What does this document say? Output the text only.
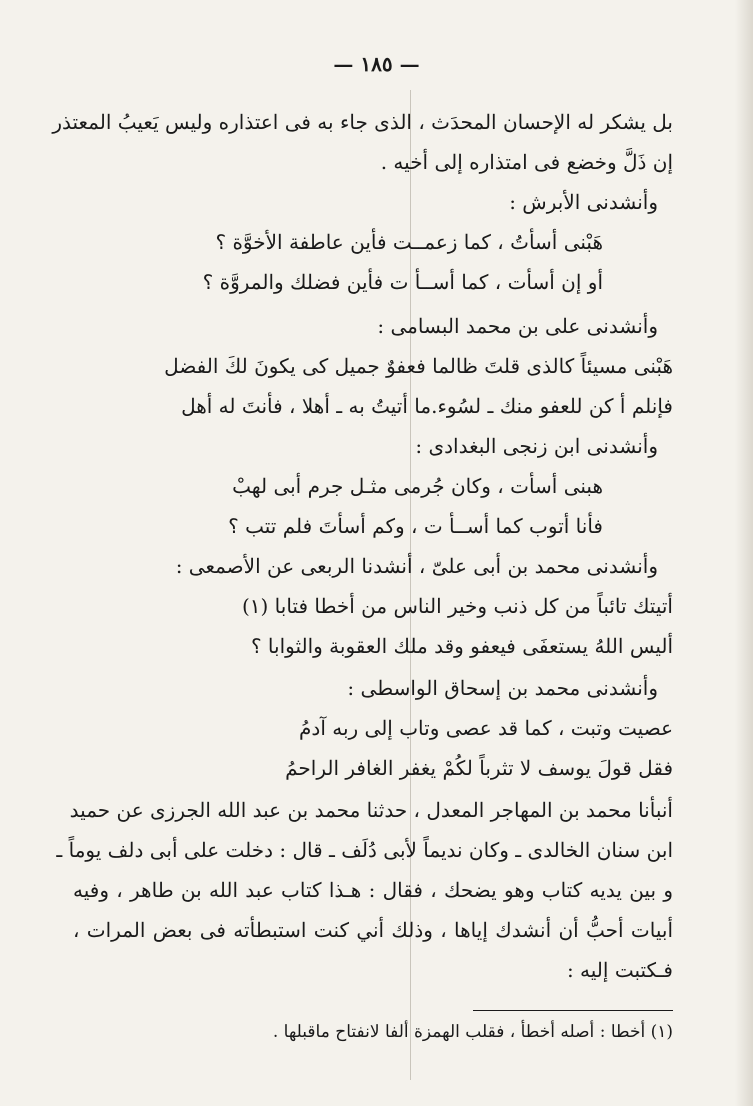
— ١٨٥ —
بل يشكر له الإحسان المحدَث ، الذى جاء به فى اعتذاره وليس يَعيبُ المعتذر
إن ذَلَّ وخضع فى امتذاره إلى أخيه .
وأنشدنى الأبرش :
هَبْنى أسأتُ ، كما زعمــت فأين عاطفة الأخوَّة ؟
أو إن أسأت ، كما أســأ ت فأين فضلك والمروَّة ؟
وأنشدنى على بن محمد البسامى :
هَبْنى مسيئاً كالذى قلتَ ظالما فعفوٌ جميل كى يكونَ لكَ الفضل
فإنلم أ كن للعفو منك ـ لسُوء.ما أتيتُ به ـ أهلا ، فأنتَ له أهل
وأنشدنى ابن زنجى البغدادى :
هبنى أسأت ، وكان جُرمى مثـل جرم أبى لهبْ
فأنا أتوب كما أســأ ت ، وكم أسأتَ فلم تتب ؟
وأنشدنى محمد بن أبى علىّ ، أنشدنا الربعى عن الأصمعى :
أتيتك تائباً من كل ذنب وخير الناس من أخطا فتابا (١)
أليس اللهُ يستعفَى فيعفو وقد ملك العقوبة والثوابا ؟
وأنشدنى محمد بن إسحاق الواسطى :
عصيت وتبت ، كما قد عصى وتاب إلى ربه آدمُ
فقل قولَ يوسف لا تثرباً لكُمْ يغفر الغافر الراحمُ
أنبأنا محمد بن المهاجر المعدل ، حدثنا محمد بن عبد الله الجرزى عن حميد
ابن سنان الخالدى ـ وكان نديماً لأبى دُلَف ـ قال : دخلت على أبى دلف يوماً ـ
و بين يديه كتاب وهو يضحك ، فقال : هـذا كتاب عبد الله بن طاهر ، وفيه
أبيات أحبُّ أن أنشدك إياها ، وذلك أني كنت استبطأته فى بعض المرات ،
فـكتبت إليه :
(١) أخطا : أصله أخطأ ، فقلب الهمزة ألفا لانفتاح ماقبلها .
